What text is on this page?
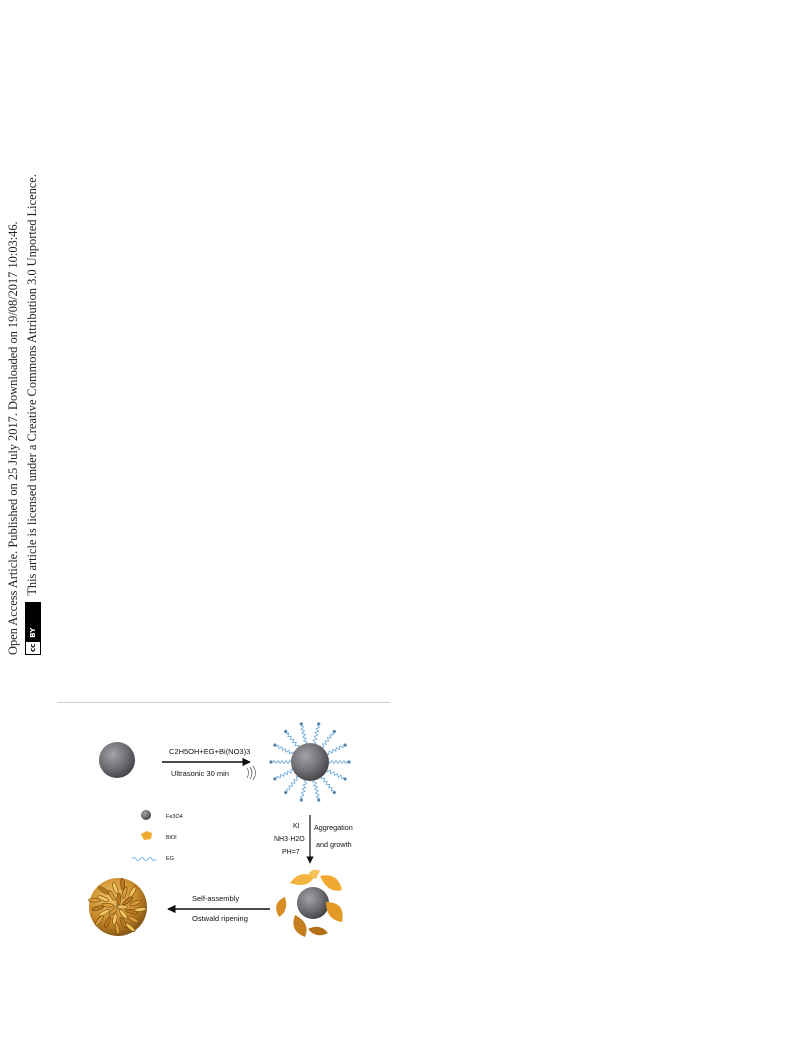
Open Access Article. Published on 25 July 2017. Downloaded on 19/08/2017 10:03:46.	cc
BY
This article is licensed under a Creative Commons Attribution 3.0 Unported Licence.
C2H5OH+EG+Bi(NO3)3
Ultrasonic 30 min
KI
NH3·H2O
PH=7
Aggregation
and growth
Fe3O4
BiOI
EG
Self-assembly
Ostwald ripening
